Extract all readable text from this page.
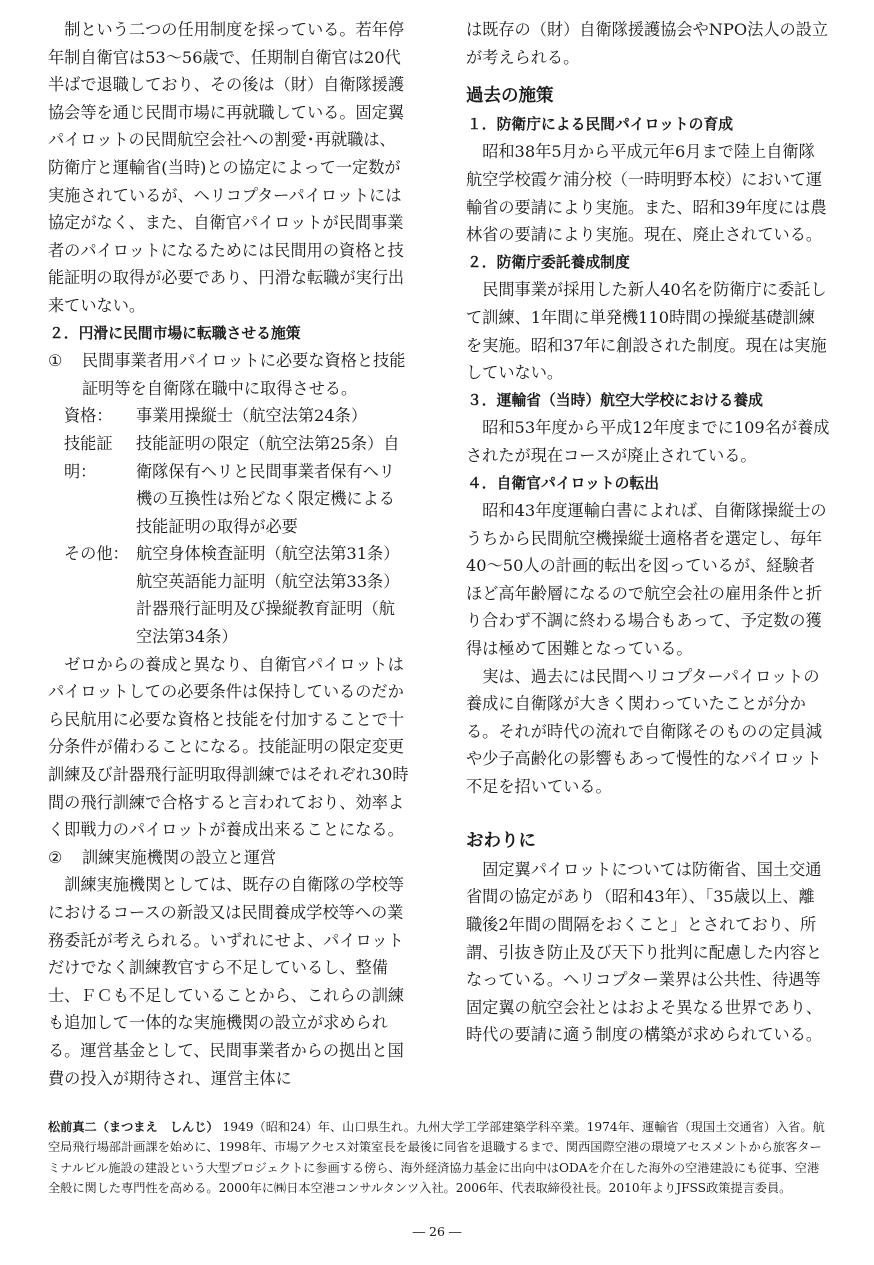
制という二つの任用制度を採っている。若年停年制自衛官は53～56歳で、任期制自衛官は20代半ばで退職しており、その後は（財）自衛隊援護協会等を通じ民間市場に再就職している。固定翼パイロットの民間航空会社への割愛･再就職は、防衛庁と運輸省(当時)との協定によって一定数が実施されているが、ヘリコプターパイロットには協定がなく、また、自衛官パイロットが民間事業者のパイロットになるためには民間用の資格と技能証明の取得が必要であり、円滑な転職が実行出来ていない。
２．円滑に民間市場に転職させる施策
①	民間事業者用パイロットに必要な資格と技能証明等を自衛隊在職中に取得させる。
資格：	事業用操縦士（航空法第24条）
技能証明：
技能証明の限定（航空法第25条）自衛隊保有ヘリと民間事業者保有ヘリ機の互換性は殆どなく限定機による技能証明の取得が必要
その他： 航空身体検査証明（航空法第31条）
航空英語能力証明（航空法第33条）
計器飛行証明及び操縦教育証明（航空法第34条）
ゼロからの養成と異なり、自衛官パイロットはパイロットしての必要条件は保持しているのだから民航用に必要な資格と技能を付加することで十分条件が備わることになる。技能証明の限定変更訓練及び計器飛行証明取得訓練ではそれぞれ30時間の飛行訓練で合格すると言われており、効率よく即戦力のパイロットが養成出来ることになる。
②	訓練実施機関の設立と運営
訓練実施機関としては、既存の自衛隊の学校等におけるコースの新設又は民間養成学校等への業務委託が考えられる。いずれにせよ、パイロットだけでなく訓練教官すら不足しているし、整備士、ＦＣも不足していることから、これらの訓練も追加して一体的な実施機関の設立が求められる。運営基金として、民間事業者からの拠出と国費の投入が期待され、運営主体に
は既存の（財）自衛隊援護協会やNPO法人の設立が考えられる。
過去の施策
１．防衛庁による民間パイロットの育成
昭和38年5月から平成元年6月まで陸上自衛隊航空学校霞ケ浦分校（一時明野本校）において運輸省の要請により実施。また、昭和39年度には農林省の要請により実施。現在、廃止されている。
２．防衛庁委託養成制度
民間事業が採用した新人40名を防衛庁に委託して訓練、1年間に単発機110時間の操縦基礎訓練を実施。昭和37年に創設された制度。現在は実施していない。
３．運輸省（当時）航空大学校における養成
昭和53年度から平成12年度までに109名が養成されたが現在コースが廃止されている。
４．自衛官パイロットの転出
昭和43年度運輸白書によれば、自衛隊操縦士のうちから民間航空機操縦士適格者を選定し、毎年40～50人の計画的転出を図っているが、経験者ほど高年齢層になるので航空会社の雇用条件と折り合わず不調に終わる場合もあって、予定数の獲得は極めて困難となっている。
実は、過去には民間ヘリコプターパイロットの養成に自衛隊が大きく関わっていたことが分かる。それが時代の流れで自衛隊そのものの定員減や少子高齢化の影響もあって慢性的なパイロット不足を招いている。
おわりに
固定翼パイロットについては防衛省、国土交通省間の協定があり（昭和43年）、「35歳以上、離職後2年間の間隔をおくこと」とされており、所謂、引抜き防止及び天下り批判に配慮した内容となっている。ヘリコプター業界は公共性、待遇等固定翼の航空会社とはおよそ異なる世界であり、時代の要請に適う制度の構築が求められている。
松前真二（まつまえ　しんじ） 1949（昭和24）年、山口県生れ。九州大学工学部建築学科卒業。1974年、運輸省（現国土交通省）入省。航空局飛行場部計画課を始めに、1998年、市場アクセス対策室長を最後に同省を退職するまで、関西国際空港の環境アセスメントから旅客ターミナルビル施設の建設という大型プロジェクトに参画する傍ら、海外経済協力基金に出向中はODAを介在した海外の空港建設にも従事、空港全般に関した専門性を高める。2000年に㈱日本空港コンサルタンツ入社。2006年、代表取締役社長。2010年よりJFSS政策提言委員。
― 26 ―
